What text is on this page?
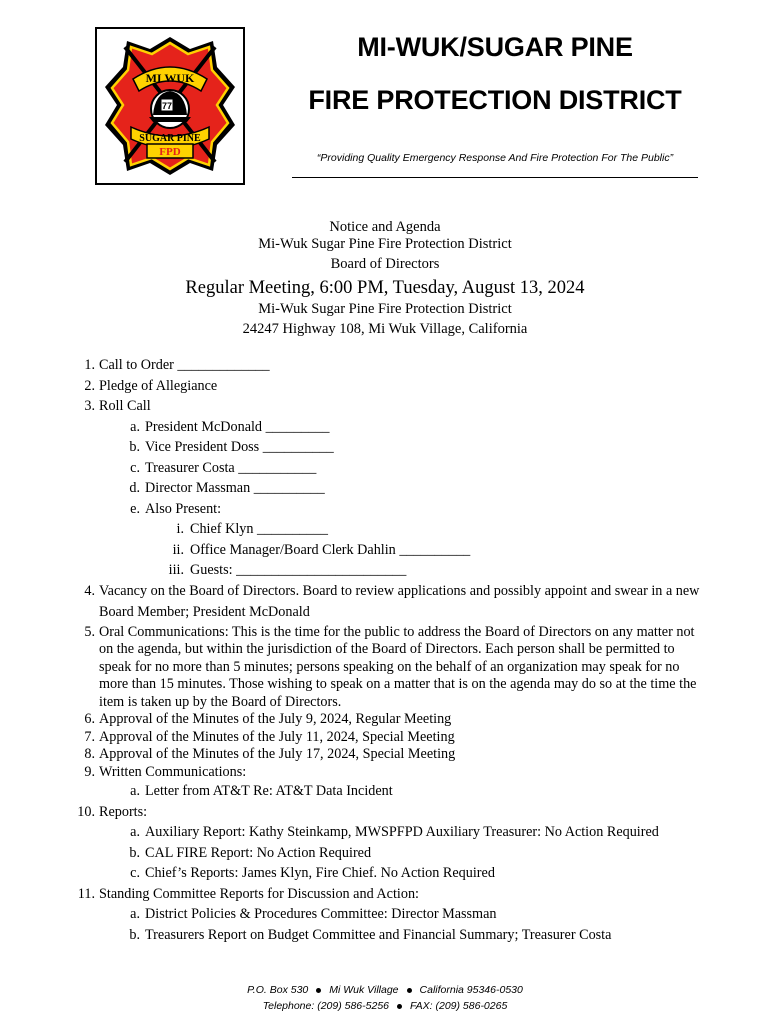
MI WUK
77
SUGAR PINE
FPD
MI-WUK/SUGAR PINE
FIRE PROTECTION DISTRICT
“Providing Quality Emergency Response And Fire Protection For The Public”
Notice and Agenda
Mi-Wuk Sugar Pine Fire Protection District
Board of Directors
Regular Meeting, 6:00 PM, Tuesday, August 13, 2024
Mi-Wuk Sugar Pine Fire Protection District
24247 Highway 108, Mi Wuk Village, California
1. Call to Order _____________
2. Pledge of Allegiance
3. Roll Call
a. President McDonald _________
b. Vice President Doss __________
c. Treasurer Costa ___________
d. Director Massman __________
e. Also Present:
i. Chief Klyn __________
ii. Office Manager/Board Clerk Dahlin __________
iii. Guests: ________________________
4. Vacancy on the Board of Directors. Board to review applications and possibly appoint and swear in a new Board Member; President McDonald
5. Oral Communications: This is the time for the public to address the Board of Directors on any matter not on the agenda, but within the jurisdiction of the Board of Directors. Each person shall be permitted to speak for no more than 5 minutes; persons speaking on the behalf of an organization may speak for no more than 15 minutes. Those wishing to speak on a matter that is on the agenda may do so at the time the item is taken up by the Board of Directors.
6. Approval of the Minutes of the July 9, 2024, Regular Meeting
7. Approval of the Minutes of the July 11, 2024, Special Meeting
8. Approval of the Minutes of the July 17, 2024, Special Meeting
9. Written Communications:
a. Letter from AT&T Re: AT&T Data Incident
10. Reports:
a. Auxiliary Report: Kathy Steinkamp, MWSPFPD Auxiliary Treasurer: No Action Required
b. CAL FIRE Report: No Action Required
c. Chief’s Reports: James Klyn, Fire Chief. No Action Required
11. Standing Committee Reports for Discussion and Action:
a. District Policies & Procedures Committee: Director Massman
b. Treasurers Report on Budget Committee and Financial Summary; Treasurer Costa
P.O. Box 530 Mi Wuk Village California 95346-0530
Telephone: (209) 586-5256 FAX: (209) 586-0265
